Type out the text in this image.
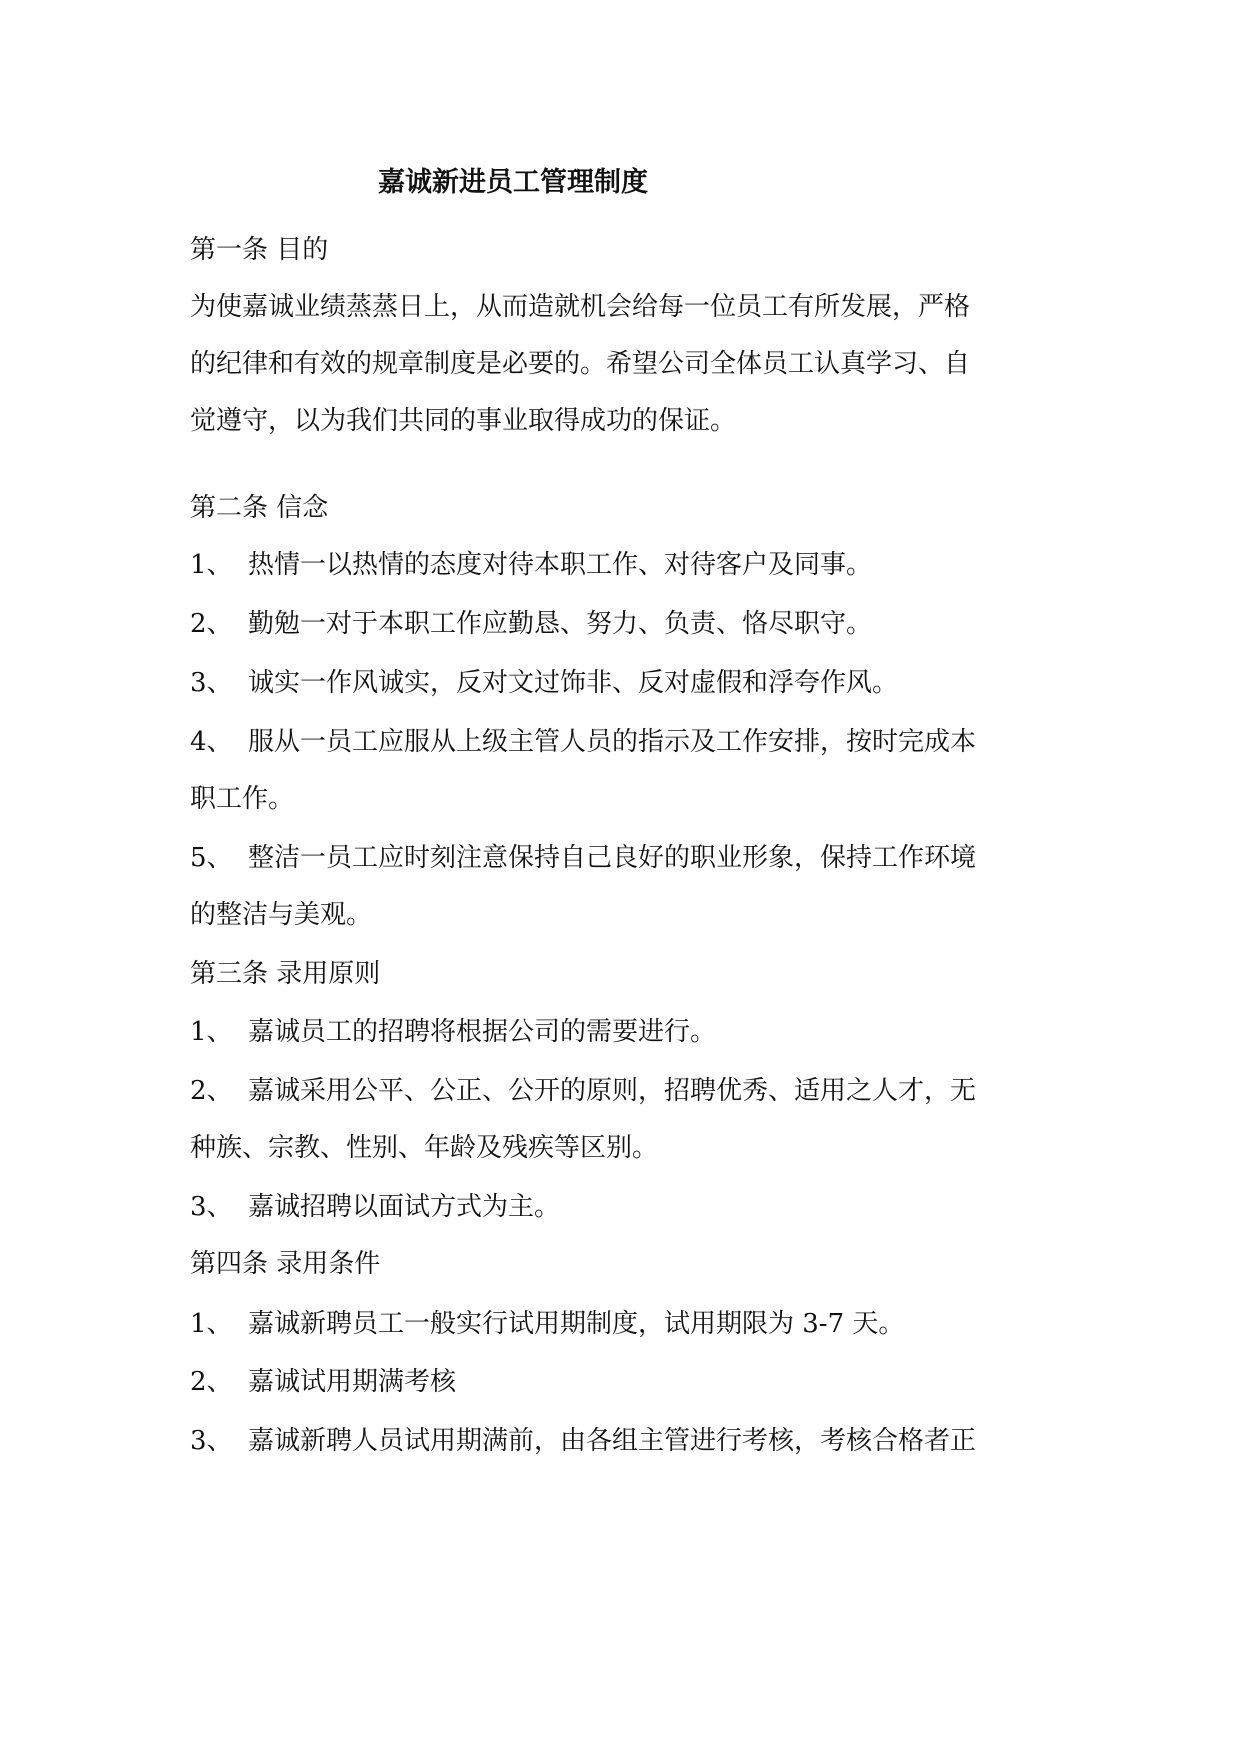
嘉诚新进员工管理制度
第一条 目的
为使嘉诚业绩蒸蒸日上，从而造就机会给每一位员工有所发展，严格
的纪律和有效的规章制度是必要的。希望公司全体员工认真学习、自
觉遵守，以为我们共同的事业取得成功的保证。
第二条 信念
1、 热情一以热情的态度对待本职工作、对待客户及同事。
2、 勤勉一对于本职工作应勤恳、努力、负责、恪尽职守。
3、 诚实一作风诚实，反对文过饰非、反对虚假和浮夸作风。
4、 服从一员工应服从上级主管人员的指示及工作安排，按时完成本
职工作。
5、 整洁一员工应时刻注意保持自己良好的职业形象，保持工作环境
的整洁与美观。
第三条 录用原则
1、 嘉诚员工的招聘将根据公司的需要进行。
2、 嘉诚采用公平、公正、公开的原则，招聘优秀、适用之人才，无
种族、宗教、性别、年龄及残疾等区别。
3、 嘉诚招聘以面试方式为主。
第四条 录用条件
1、 嘉诚新聘员工一般实行试用期制度，试用期限为 3-7 天。
2、 嘉诚试用期满考核
3、 嘉诚新聘人员试用期满前，由各组主管进行考核，考核合格者正
